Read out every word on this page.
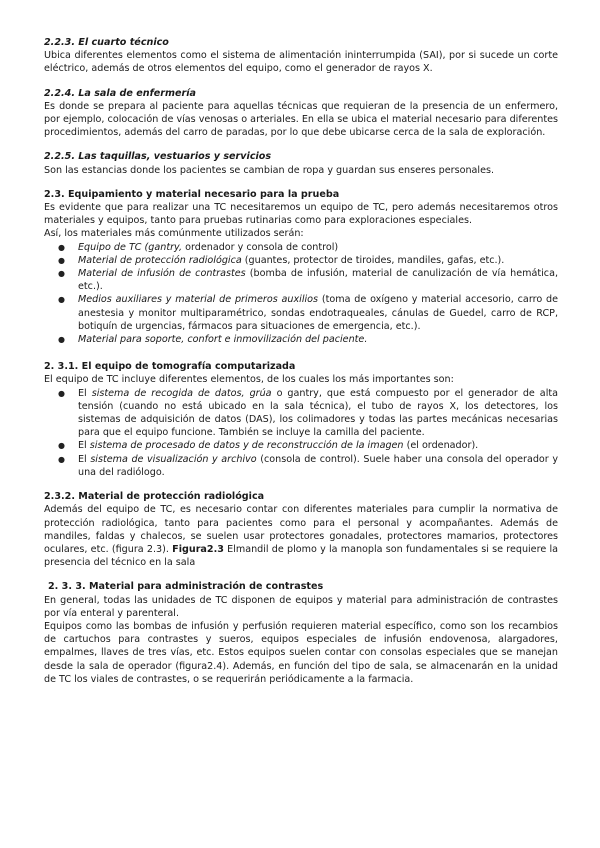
2.2.3. El cuarto técnico

Ubica diferentes elementos como el sistema de alimentación ininterrumpida (SAI), por si sucede un corte eléctrico, además de otros elementos del equipo, como el generador de rayos X.

2.2.4. La sala de enfermería

Es donde se prepara al paciente para aquellas técnicas que requieran de la presencia de un enfermero, por ejemplo, colocación de vías venosas o arteriales. En ella se ubica el material necesario para diferentes procedimientos, además del carro de paradas, por lo que debe ubicarse cerca de la sala de exploración.

2.2.5. Las taquillas, vestuarios y servicios

Son las estancias donde los pacientes se cambian de ropa y guardan sus enseres personales.

2.3. Equipamiento y material necesario para la prueba

Es evidente que para realizar una TC necesitaremos un equipo de TC, pero además necesitaremos otros materiales y equipos, tanto para pruebas rutinarias como para exploraciones especiales.

Así, los materiales más comúnmente utilizados serán:

● Equipo de TC (gantry, ordenador y consola de control)
● Material de protección radiológica (guantes, protector de tiroides, mandiles, gafas, etc.).
● Material de infusión de contrastes (bomba de infusión, material de canulización de vía hemática, etc.).
● Medios auxiliares y material de primeros auxilios (toma de oxígeno y material accesorio, carro de anestesia y monitor multiparamétrico, sondas endotraqueales, cánulas de Guedel, carro de RCP, botiquín de urgencias, fármacos para situaciones de emergencia, etc.).
● Material para soporte, confort e inmovilización del paciente.

2. 3.1. El equipo de tomografía computarizada

El equipo de TC incluye diferentes elementos, de los cuales los más importantes son:

● El sistema de recogida de datos, grúa o gantry, que está compuesto por el generador de alta tensión (cuando no está ubicado en la sala técnica), el tubo de rayos X, los detectores, los sistemas de adquisición de datos (DAS), los colimadores y todas las partes mecánicas necesarias para que el equipo funcione. También se incluye la camilla del paciente.
● El sistema de procesado de datos y de reconstrucción de la imagen (el ordenador).
● El sistema de visualización y archivo (consola de control). Suele haber una consola del operador y una del radiólogo.

2.3.2. Material de protección radiológica

Además del equipo de TC, es necesario contar con diferentes materiales para cumplir la normativa de protección radiológica, tanto para pacientes como para el personal y acompañantes. Además de mandiles, faldas y chalecos, se suelen usar protectores gonadales, protectores mamarios, protectores oculares, etc. (figura 2.3). Figura2.3 Elmandil de plomo y la manopla son fundamentales si se requiere la presencia del técnico en la sala

2. 3. 3. Material para administración de contrastes

En general, todas las unidades de TC disponen de equipos y material para administración de contrastes por vía enteral y parenteral.

Equipos como las bombas de infusión y perfusión requieren material específico, como son los recambios de cartuchos para contrastes y sueros, equipos especiales de infusión endovenosa, alargadores, empalmes, llaves de tres vías, etc. Estos equipos suelen contar con consolas especiales que se manejan desde la sala de operador (figura2.4). Además, en función del tipo de sala, se almacenarán en la unidad de TC los viales de contrastes, o se requerirán periódicamente a la farmacia.
